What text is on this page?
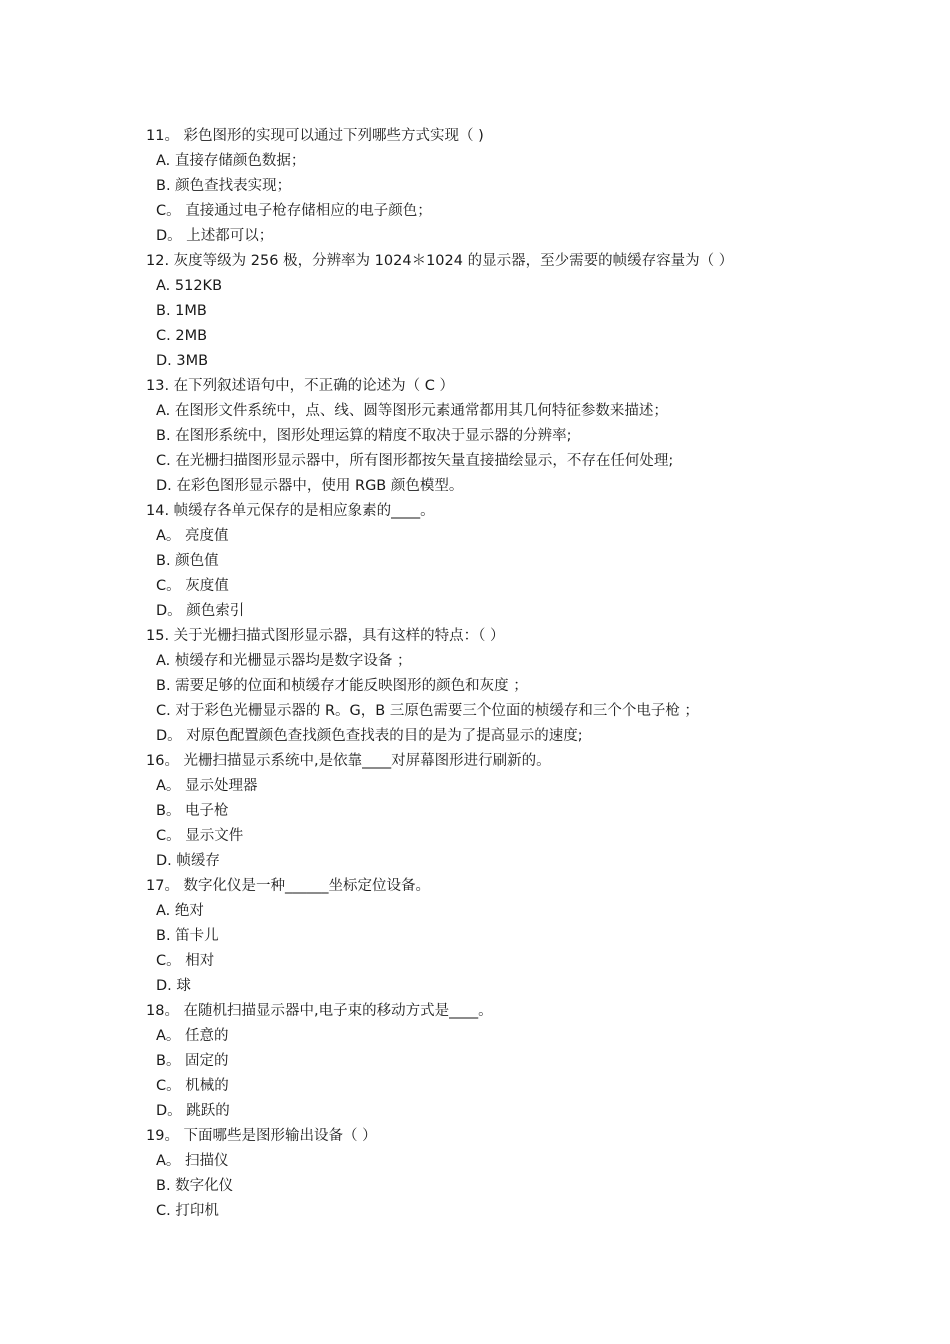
11。 彩色图形的实现可以通过下列哪些方式实现（ )

A. 直接存储颜色数据；

B. 颜色查找表实现；

C。 直接通过电子枪存储相应的电子颜色；

D。 上述都可以；

12. 灰度等级为 256 极，分辨率为 1024＊1024 的显示器，至少需要的帧缓存容量为（ ）

A. 512KB

B. 1MB

C. 2MB

D. 3MB

13. 在下列叙述语句中，不正确的论述为（ C ）

A. 在图形文件系统中，点、线、圆等图形元素通常都用其几何特征参数来描述；

B. 在图形系统中，图形处理运算的精度不取决于显示器的分辨率;

C. 在光栅扫描图形显示器中，所有图形都按矢量直接描绘显示，不存在任何处理;

D. 在彩色图形显示器中，使用 RGB 颜色模型。

14. 帧缓存各单元保存的是相应象素的____。

A。 亮度值

B. 颜色值

C。 灰度值

D。 颜色索引

15. 关于光栅扫描式图形显示器，具有这样的特点：（ ）

A. 桢缓存和光栅显示器均是数字设备 ；

B. 需要足够的位面和桢缓存才能反映图形的颜色和灰度 ；

C. 对于彩色光栅显示器的 R。G，B 三原色需要三个位面的桢缓存和三个个电子枪 ；

D。 对原色配置颜色查找颜色查找表的目的是为了提高显示的速度;

16。 光栅扫描显示系统中,是依靠____对屏幕图形进行刷新的。

A。 显示处理器

B。 电子枪

C。 显示文件

D. 帧缓存

17。 数字化仪是一种______坐标定位设备。

A. 绝对

B. 笛卡儿

C。 相对

D. 球

18。 在随机扫描显示器中,电子束的移动方式是____。

A。 任意的

B。 固定的

C。 机械的

D。 跳跃的

19。 下面哪些是图形输出设备（ ）

A。 扫描仪

B. 数字化仪

C. 打印机
